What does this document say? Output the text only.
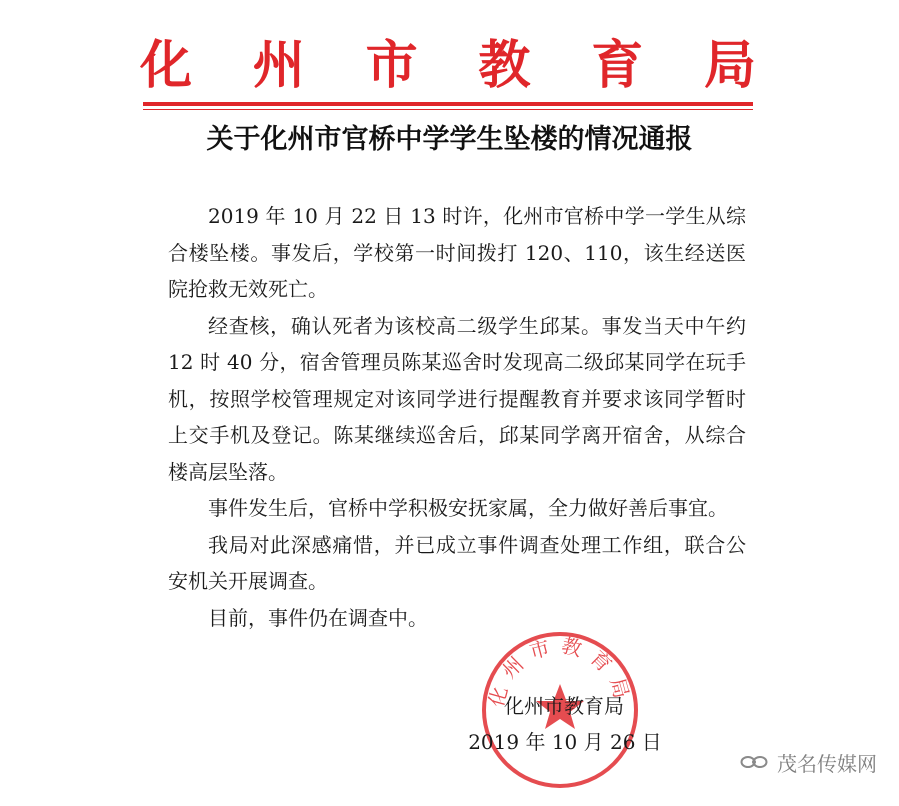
化 州 市 教 育 局
关于化州市官桥中学学生坠楼的情况通报

2019 年 10 月 22 日 13 时许，化州市官桥中学一学生从综合楼坠楼。事发后，学校第一时间拨打 120、110，该生经送医院抢救无效死亡。

经查核，确认死者为该校高二级学生邱某。事发当天中午约 12 时 40 分，宿舍管理员陈某巡舍时发现高二级邱某同学在玩手机，按照学校管理规定对该同学进行提醒教育并要求该同学暂时上交手机及登记。陈某继续巡舍后，邱某同学离开宿舍，从综合楼高层坠落。

事件发生后，官桥中学积极安抚家属，全力做好善后事宜。

我局对此深感痛惜，并已成立事件调查处理工作组，联合公安机关开展调查。

目前，事件仍在调查中。

化州市教育局
化州市教育局
2019 年 10 月 26 日
茂名传媒网
